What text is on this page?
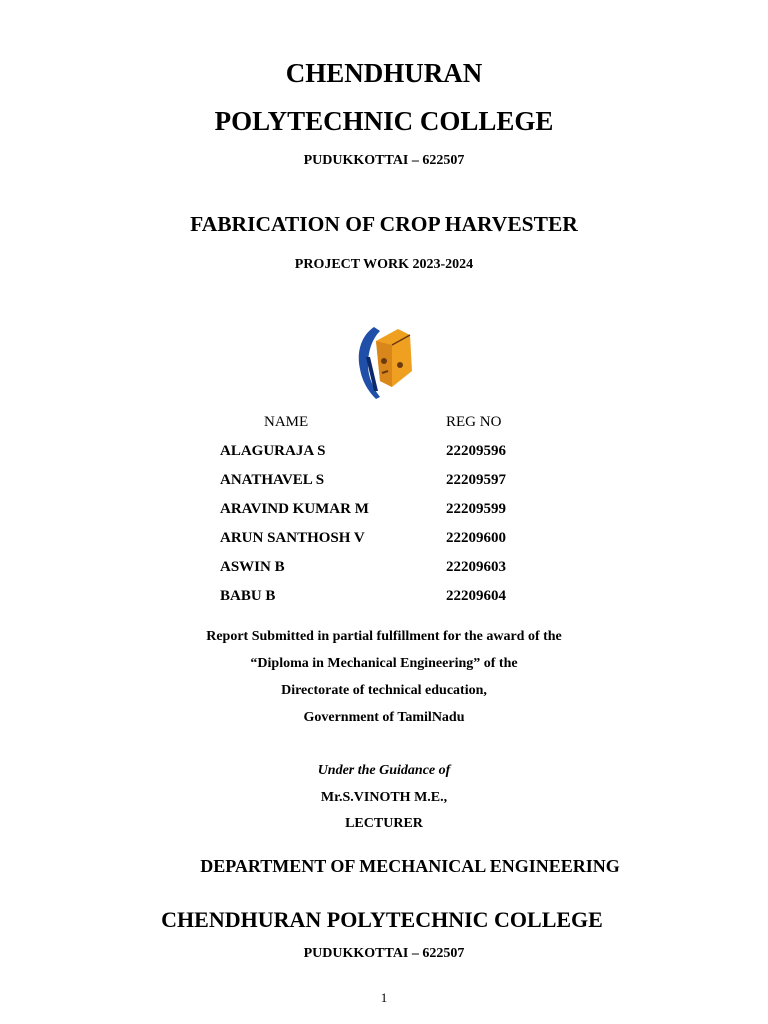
CHENDHURAN
POLYTECHNIC COLLEGE
PUDUKKOTTAI – 622507
FABRICATION OF CROP HARVESTER
PROJECT WORK 2023-2024
NAME	REG NO
ALAGURAJA S	22209596
ANATHAVEL S	22209597
ARAVIND KUMAR M	22209599
ARUN SANTHOSH V	22209600
ASWIN B	22209603
BABU B	22209604
Report Submitted in partial fulfillment for the award of the
“Diploma in Mechanical Engineering” of the
Directorate of technical education,
Government of TamilNadu
Under the Guidance of
Mr.S.VINOTH M.E.,
LECTURER
DEPARTMENT OF MECHANICAL ENGINEERING
CHENDHURAN POLYTECHNIC COLLEGE
PUDUKKOTTAI – 622507
1
